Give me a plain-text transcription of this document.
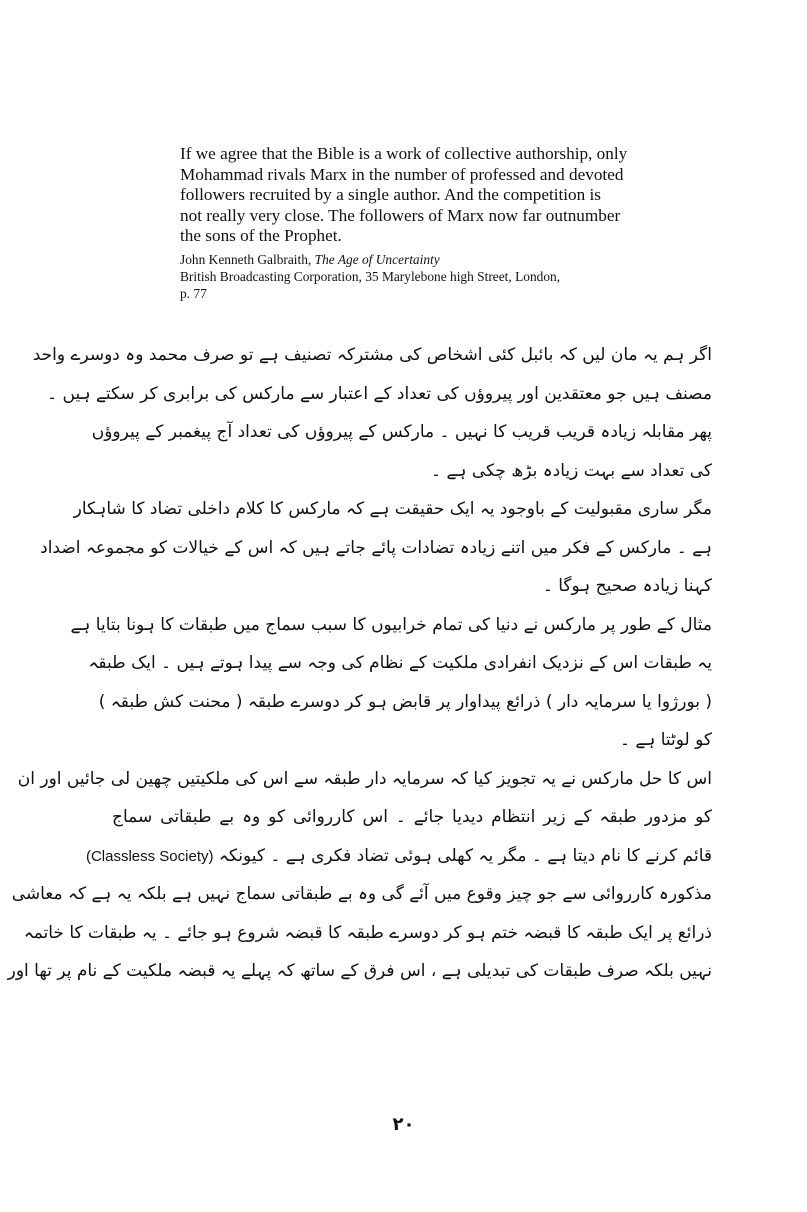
If we agree that the Bible is a work of collective authorship, only
Mohammad rivals Marx in the number of professed and devoted
followers recruited by a single author. And the competition is
not really very close. The followers of Marx now far outnumber
the sons of the Prophet.

John Kenneth Galbraith, The Age of Uncertainty
British Broadcasting Corporation, 35 Marylebone high Street, London,
p. 77
اگر ہم یہ مان لیں کہ بائبل کئی اشخاص کی مشترکہ تصنیف ہے تو صرف محمد وہ دوسرے واحد
مصنف ہیں جو معتقدین اور پیروؤں کی تعداد کے اعتبار سے مارکس کی برابری کر سکتے ہیں ۔
پھر مقابلہ زیادہ قریب قریب کا نہیں ۔ مارکس کے پیروؤں کی تعداد آج پیغمبر کے پیروؤں
کی تعداد سے بہت زیادہ بڑھ چکی ہے ۔
مگر ساری مقبولیت کے باوجود یہ ایک حقیقت ہے کہ مارکس کا کلام داخلی تضاد کا شاہکار
ہے ۔ مارکس کے فکر میں اتنے زیادہ تضادات پائے جاتے ہیں کہ اس کے خیالات کو مجموعہ اضداد
کہنا زیادہ صحیح ہوگا ۔
مثال کے طور پر مارکس نے دنیا کی تمام خرابیوں کا سبب سماج میں طبقات کا ہونا بتایا ہے
یہ طبقات اس کے نزدیک انفرادی ملکیت کے نظام کی وجہ سے پیدا ہوتے ہیں ۔ ایک طبقہ
( بورژوا یا سرمایہ دار ) ذرائع پیداوار پر قابض ہو کر دوسرے طبقہ ( محنت کش طبقہ )
کو لوٹتا ہے ۔
اس کا حل مارکس نے یہ تجویز کیا کہ سرمایہ دار طبقہ سے اس کی ملکیتیں چھین لی جائیں اور ان
کو مزدور طبقہ کے زیر انتظام دیدیا جائے ۔ اس کارروائی کو وہ بے طبقاتی سماج
قائم کرنے کا نام دیتا ہے ۔ مگر یہ کھلی ہوئی تضاد فکری ہے ۔ کیونکہ (Classless Society)
مذکورہ کارروائی سے جو چیز وقوع میں آئے گی وہ بے طبقاتی سماج نہیں ہے بلکہ یہ ہے کہ معاشی
ذرائع پر ایک طبقہ کا قبضہ ختم ہو کر دوسرے طبقہ کا قبضہ شروع ہو جائے ۔ یہ طبقات کا خاتمہ
نہیں بلکہ صرف طبقات کی تبدیلی ہے ، اس فرق کے ساتھ کہ پہلے یہ قبضہ ملکیت کے نام پر تھا اور
۲۰
